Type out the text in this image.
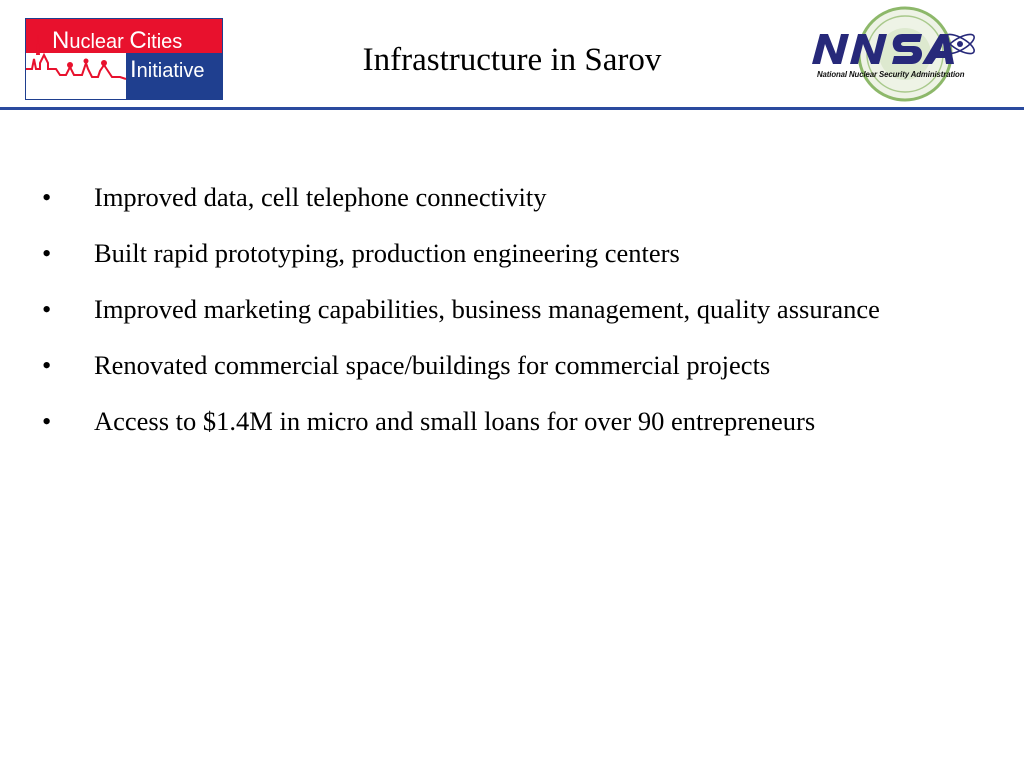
Nuclear Cities
Initiative	Infrastructure in Sarov	National Nuclear Security Administration
• Improved data, cell telephone connectivity
• Built rapid prototyping, production engineering centers
• Improved marketing capabilities, business management, quality assurance
• Renovated commercial space/buildings for commercial projects
• Access to $1.4M in micro and small loans for over 90 entrepreneurs
